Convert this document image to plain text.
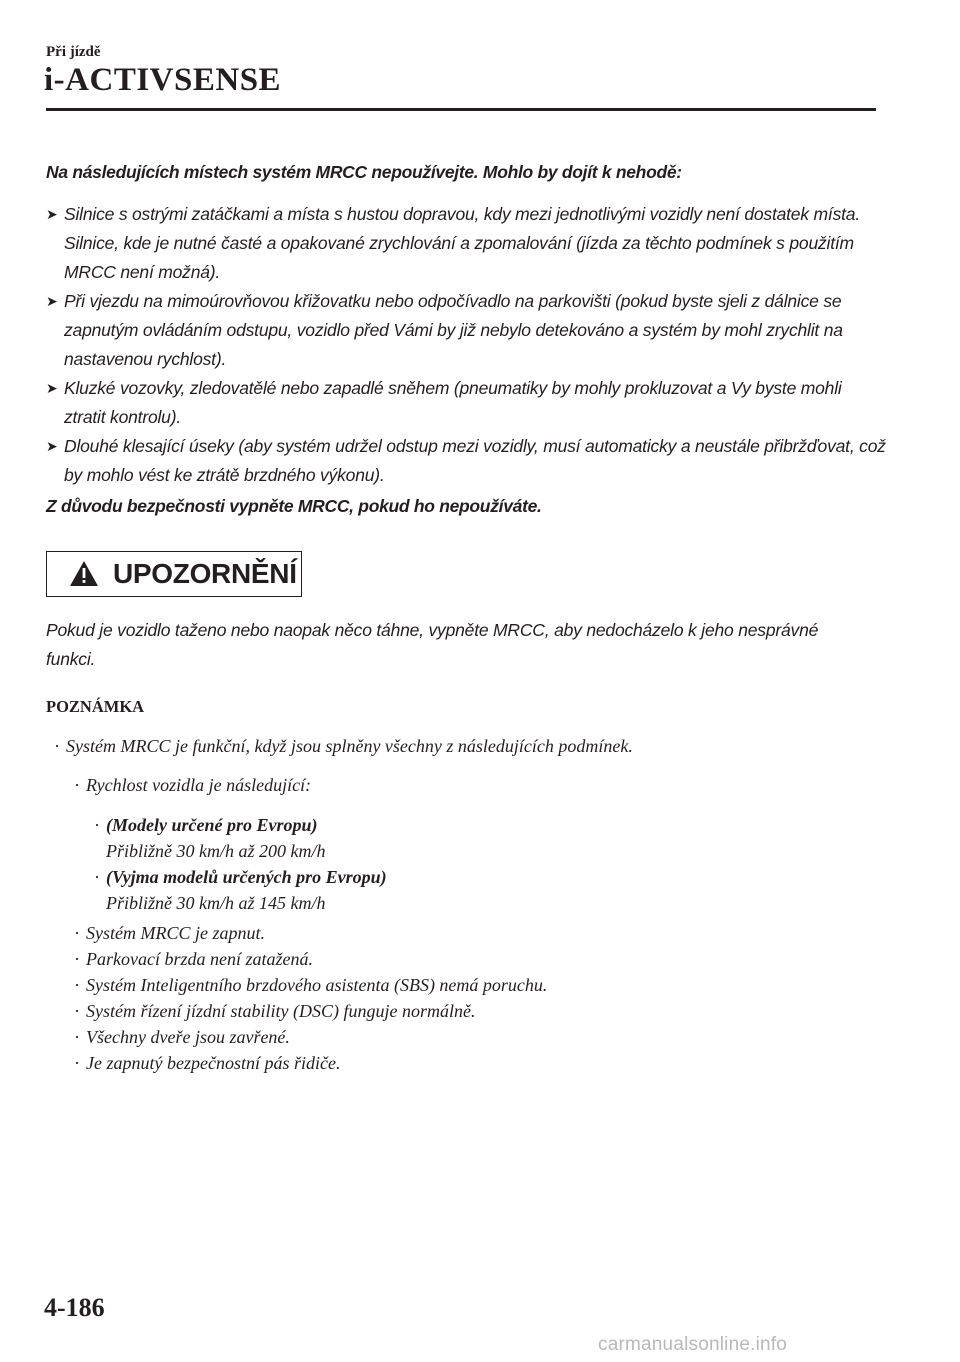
Při jízdě
i-ACTIVSENSE
Na následujících místech systém MRCC nepoužívejte. Mohlo by dojít k nehodě:
➤ Silnice s ostrými zatáčkami a místa s hustou dopravou, kdy mezi jednotlivými vozidly není dostatek místa. Silnice, kde je nutné časté a opakované zrychlování a zpomalování (jízda za těchto podmínek s použitím MRCC není možná).
➤ Při vjezdu na mimoúrovňovou křižovatku nebo odpočívadlo na parkovišti (pokud byste sjeli z dálnice se zapnutým ovládáním odstupu, vozidlo před Vámi by již nebylo detekováno a systém by mohl zrychlit na nastavenou rychlost).
➤ Kluzké vozovky, zledovatělé nebo zapadlé sněhem (pneumatiky by mohly prokluzovat a Vy byste mohli ztratit kontrolu).
➤ Dlouhé klesající úseky (aby systém udržel odstup mezi vozidly, musí automaticky a neustále přibržďovat, což by mohlo vést ke ztrátě brzdného výkonu).
Z důvodu bezpečnosti vypněte MRCC, pokud ho nepoužíváte.
UPOZORNĚNÍ
Pokud je vozidlo taženo nebo naopak něco táhne, vypněte MRCC, aby nedocházelo k jeho nesprávné funkci.
POZNÁMKA
· Systém MRCC je funkční, když jsou splněny všechny z následujících podmínek.
· Rychlost vozidla je následující:
· (Modely určené pro Evropu)
Přibližně 30 km/h až 200 km/h
· (Vyjma modelů určených pro Evropu)
Přibližně 30 km/h až 145 km/h
· Systém MRCC je zapnut.
· Parkovací brzda není zatažená.
· Systém Inteligentního brzdového asistenta (SBS) nemá poruchu.
· Systém řízení jízdní stability (DSC) funguje normálně.
· Všechny dveře jsou zavřené.
· Je zapnutý bezpečnostní pás řidiče.
4-186
carmanualsonline.info
